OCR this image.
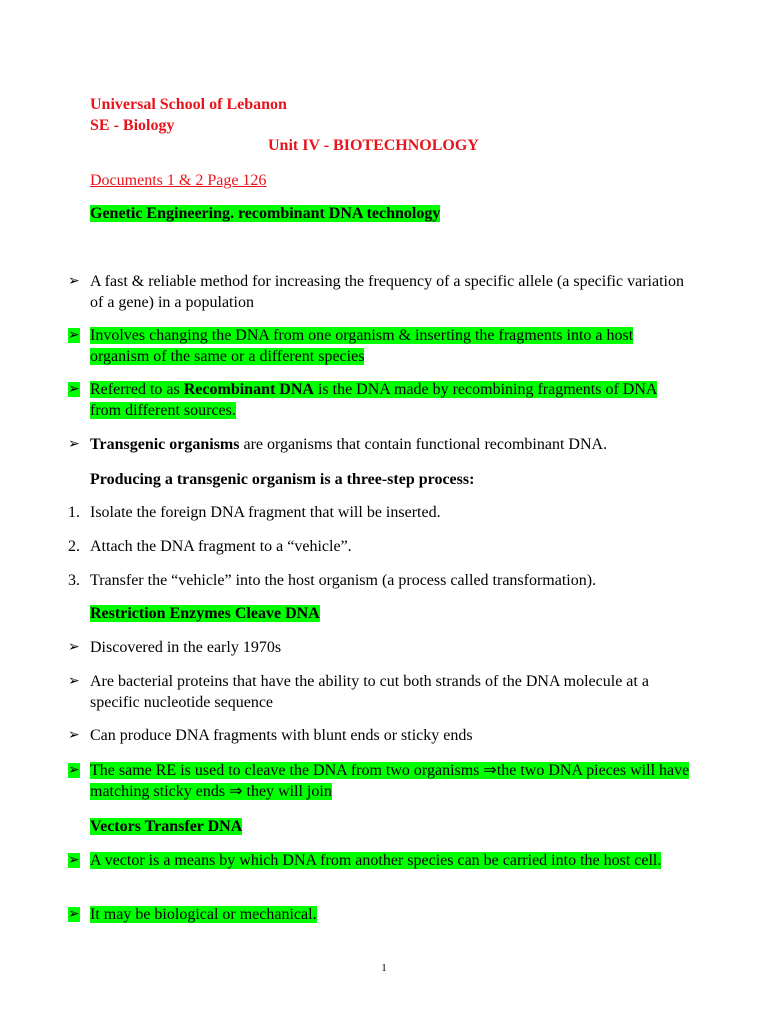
Universal School of Lebanon
SE - Biology
Unit IV - BIOTECHNOLOGY
Documents 1 & 2 Page 126
Genetic Engineering. recombinant DNA technology
➢ A fast & reliable method for increasing the frequency of a specific allele (a specific variation of a gene) in a population
➢ Involves changing the DNA from one organism & inserting the fragments into a host organism of the same or a different species
➢ Referred to as Recombinant DNA is the DNA made by recombining fragments of DNA from different sources.
➢ Transgenic organisms are organisms that contain functional recombinant DNA.
Producing a transgenic organism is a three-step process:
1. Isolate the foreign DNA fragment that will be inserted.
2. Attach the DNA fragment to a “vehicle”.
3. Transfer the “vehicle” into the host organism (a process called transformation).
Restriction Enzymes Cleave DNA
➢ Discovered in the early 1970s
➢ Are bacterial proteins that have the ability to cut both strands of the DNA molecule at a specific nucleotide sequence
➢ Can produce DNA fragments with blunt ends or sticky ends
➢ The same RE is used to cleave the DNA from two organisms ⇒the two DNA pieces will have matching sticky ends ⇒ they will join
Vectors Transfer DNA
➢ A vector is a means by which DNA from another species can be carried into the host cell.
➢ It may be biological or mechanical.
1
